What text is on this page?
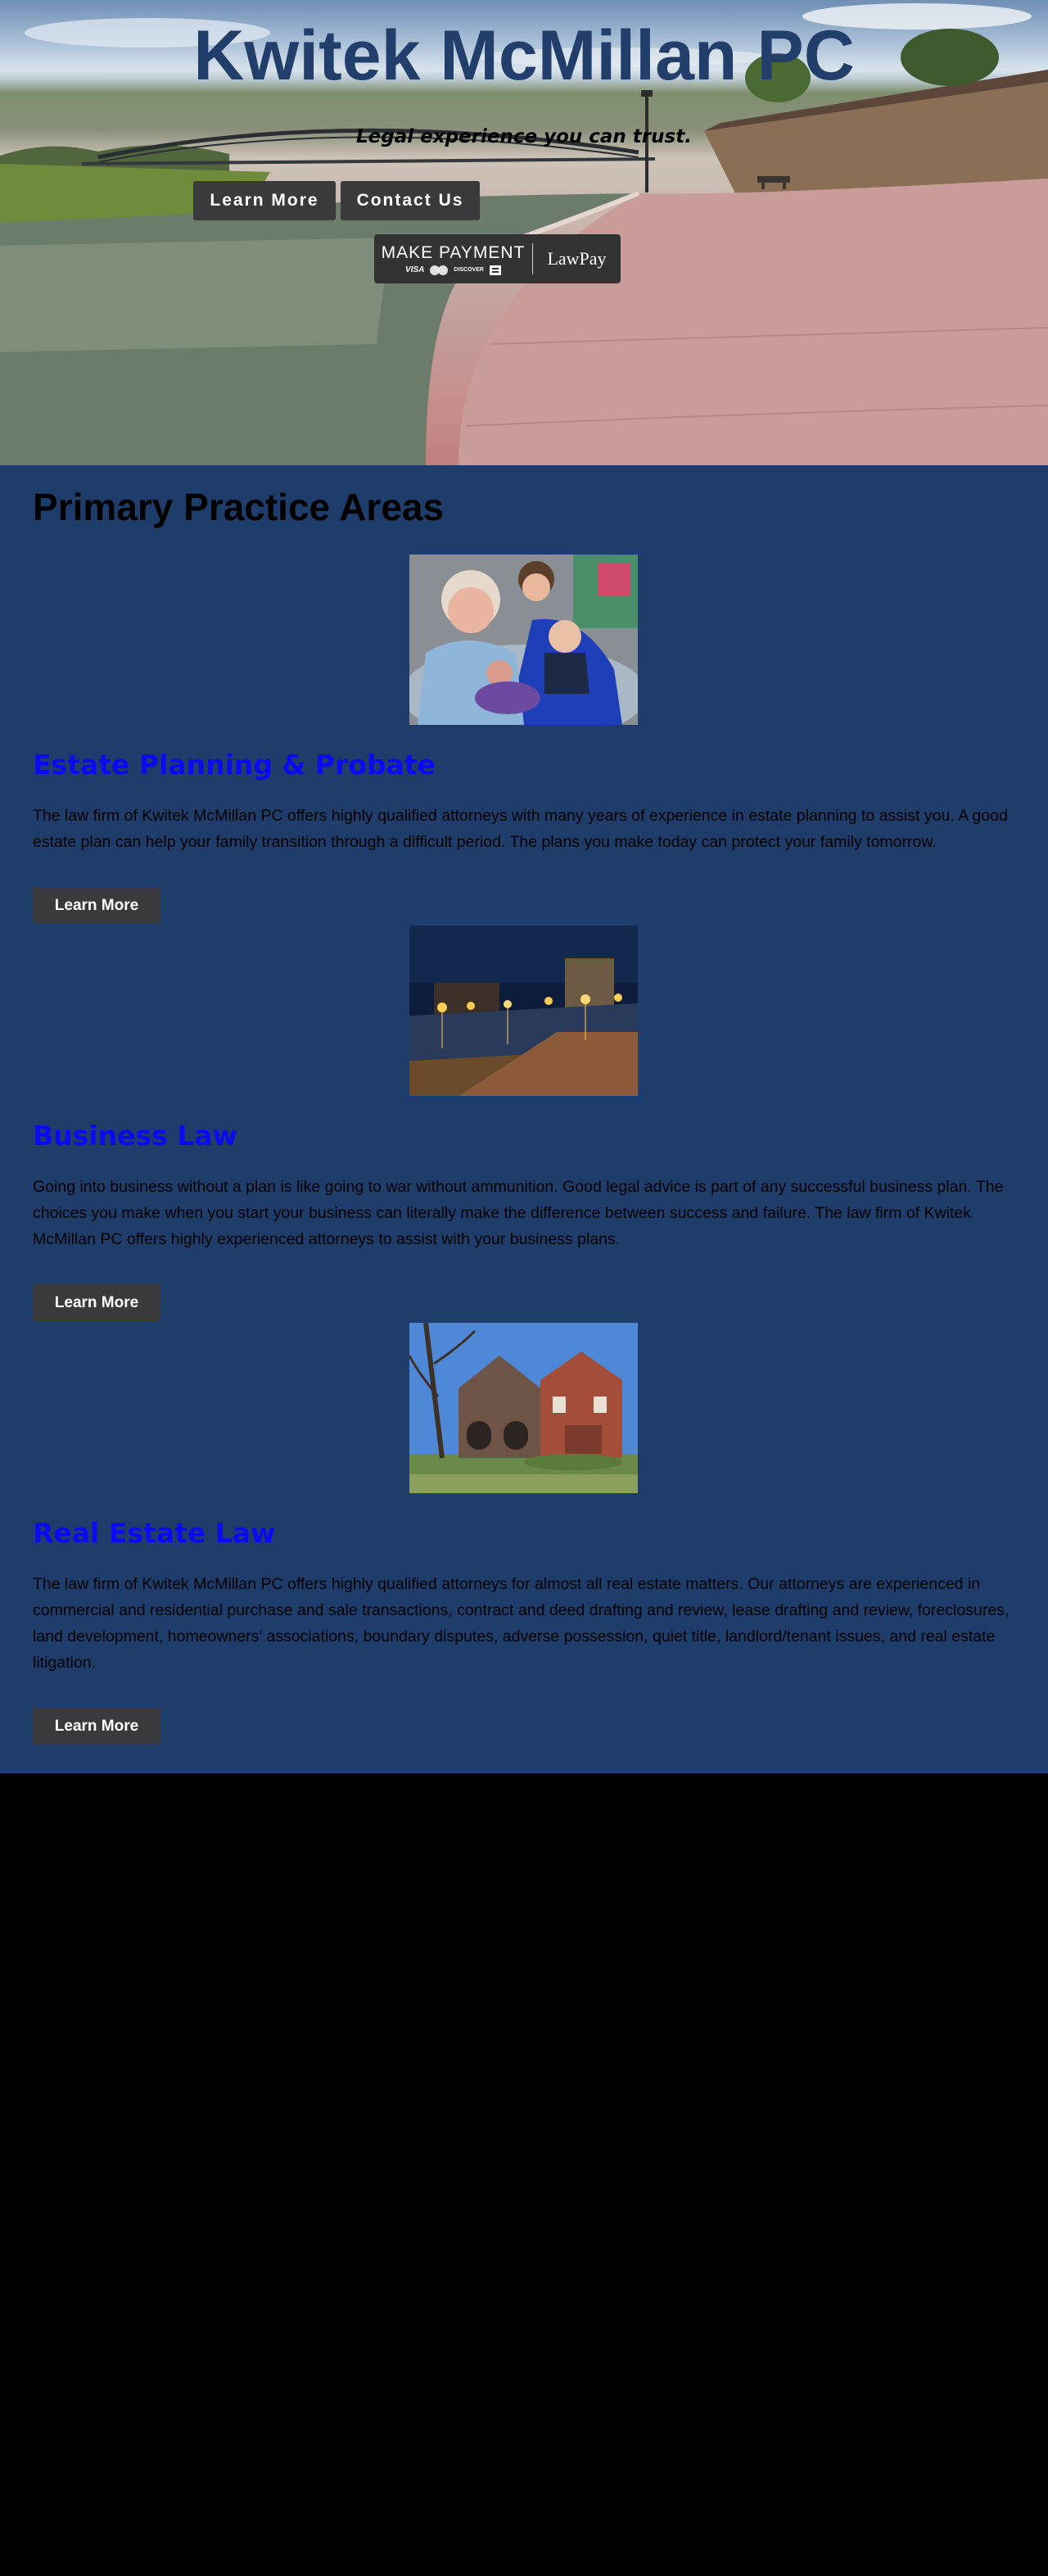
Kwitek McMillan PC

Legal experience you can trust.

Learn More	Contact Us
MAKE PAYMENT
VISA	DISCOVER
LawPay
Primary Practice Areas
Estate Planning & Probate

The law firm of Kwitek McMillan PC offers highly qualified attorneys with many years of experience in estate planning to assist you. A good estate plan can help your family transition through a difficult period. The plans you make today can protect your family tomorrow.

Learn More
Business Law

Going into business without a plan is like going to war without ammunition. Good legal advice is part of any successful business plan. The choices you make when you start your business can literally make the difference between success and failure. The law firm of Kwitek McMillan PC offers highly experienced attorneys to assist with your business plans.

Learn More
Real Estate Law

The law firm of Kwitek McMillan PC offers highly qualified attorneys for almost all real estate matters. Our attorneys are experienced in commercial and residential purchase and sale transactions, contract and deed drafting and review, lease drafting and review, foreclosures, land development, homeowners’ associations, boundary disputes, adverse possession, quiet title, landlord/tenant issues, and real estate litigation.

Learn More
